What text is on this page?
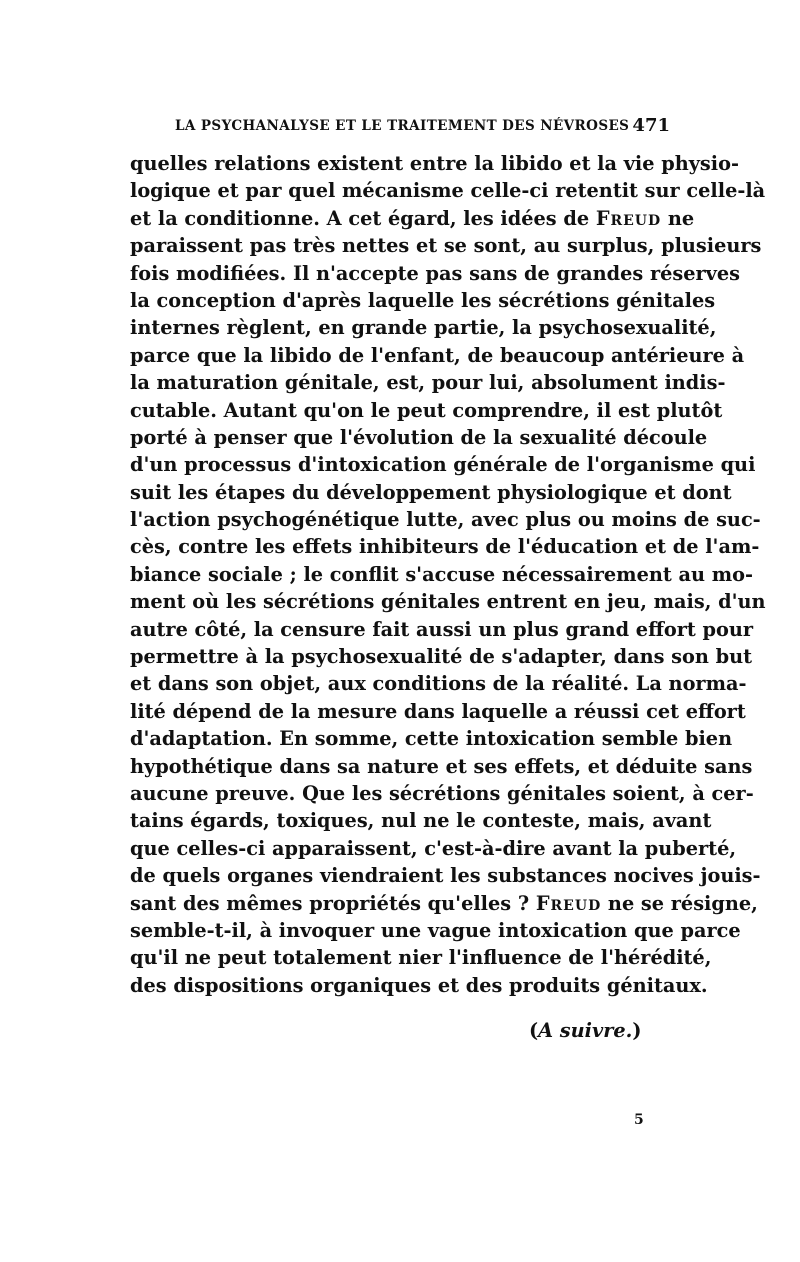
LA PSYCHANALYSE ET LE TRAITEMENT DES NÉVROSES 471
quelles relations existent entre la libido et la vie physio-
logique et par quel mécanisme celle-ci retentit sur celle-là
et la conditionne. A cet égard, les idées de Freud ne
paraissent pas très nettes et se sont, au surplus, plusieurs
fois modifiées. Il n'accepte pas sans de grandes réserves
la conception d'après laquelle les sécrétions génitales
internes règlent, en grande partie, la psychosexualité,
parce que la libido de l'enfant, de beaucoup antérieure à
la maturation génitale, est, pour lui, absolument indis-
cutable. Autant qu'on le peut comprendre, il est plutôt
porté à penser que l'évolution de la sexualité découle
d'un processus d'intoxication générale de l'organisme qui
suit les étapes du développement physiologique et dont
l'action psychogénétique lutte, avec plus ou moins de suc-
cès, contre les effets inhibiteurs de l'éducation et de l'am-
biance sociale ; le conflit s'accuse nécessairement au mo-
ment où les sécrétions génitales entrent en jeu, mais, d'un
autre côté, la censure fait aussi un plus grand effort pour
permettre à la psychosexualité de s'adapter, dans son but
et dans son objet, aux conditions de la réalité. La norma-
lité dépend de la mesure dans laquelle a réussi cet effort
d'adaptation. En somme, cette intoxication semble bien
hypothétique dans sa nature et ses effets, et déduite sans
aucune preuve. Que les sécrétions génitales soient, à cer-
tains égards, toxiques, nul ne le conteste, mais, avant
que celles-ci apparaissent, c'est-à-dire avant la puberté,
de quels organes viendraient les substances nocives jouis-
sant des mêmes propriétés qu'elles ? Freud ne se résigne,
semble-t-il, à invoquer une vague intoxication que parce
qu'il ne peut totalement nier l'influence de l'hérédité,
des dispositions organiques et des produits génitaux.
(A suivre.)
5
